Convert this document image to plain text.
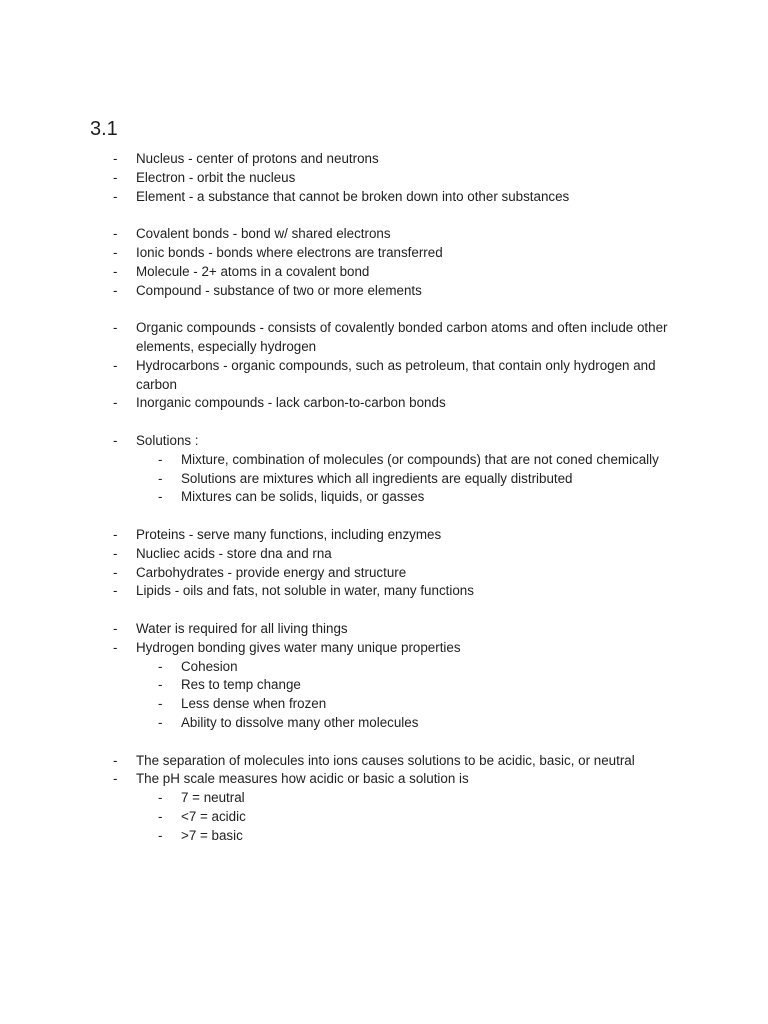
3.1
- Nucleus - center of protons and neutrons
- Electron - orbit the nucleus
- Element - a substance that cannot be broken down into other substances
- Covalent bonds - bond w/ shared electrons
- Ionic bonds - bonds where electrons are transferred
- Molecule - 2+ atoms in a covalent bond
- Compound - substance of two or more elements
- Organic compounds - consists of covalently bonded carbon atoms and often include other elements, especially hydrogen
- Hydrocarbons - organic compounds, such as petroleum, that contain only hydrogen and carbon
- Inorganic compounds - lack carbon-to-carbon bonds
- Solutions :
- Mixture, combination of molecules (or compounds) that are not coned chemically
- Solutions are mixtures which all ingredients are equally distributed
- Mixtures can be solids, liquids, or gasses
- Proteins - serve many functions, including enzymes
- Nucliec acids - store dna and rna
- Carbohydrates - provide energy and structure
- Lipids - oils and fats, not soluble in water, many functions
- Water is required for all living things
- Hydrogen bonding gives water many unique properties
- Cohesion
- Res to temp change
- Less dense when frozen
- Ability to dissolve many other molecules
- The separation of molecules into ions causes solutions to be acidic, basic, or neutral
- The pH scale measures how acidic or basic a solution is
- 7 = neutral
- <7 = acidic
- >7 = basic
